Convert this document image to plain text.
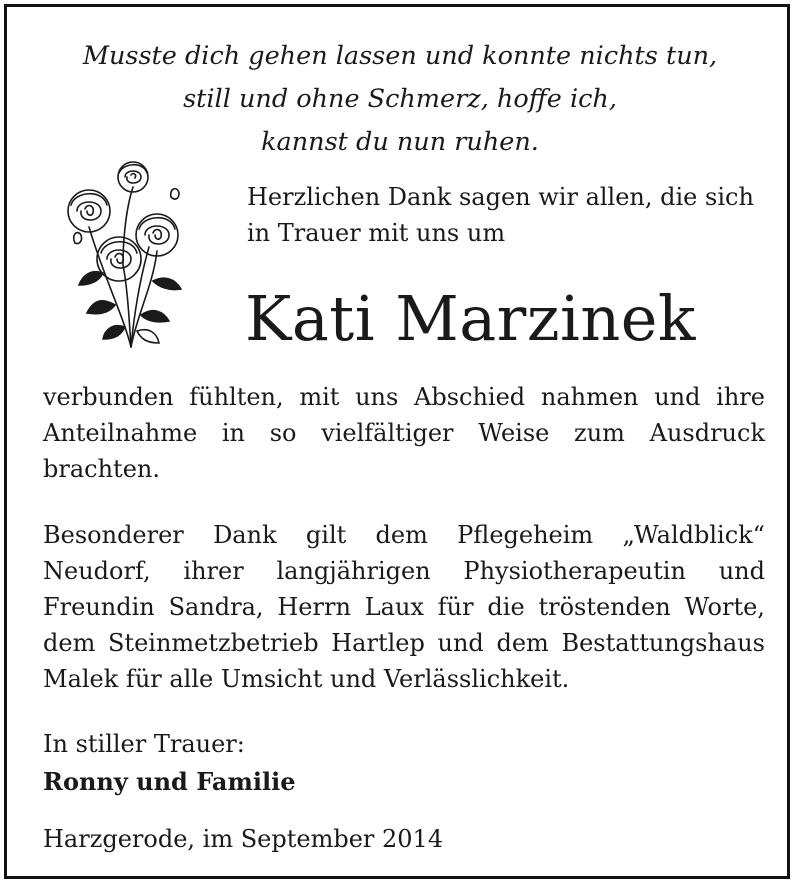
Musste dich gehen lassen und konnte nichts tun,
still und ohne Schmerz, hoffe ich,
kannst du nun ruhen.
Herzlichen Dank sagen wir allen, die sich
in Trauer mit uns um
Kati Marzinek
verbunden fühlten, mit uns Abschied nahmen und ihre
Anteilnahme in so vielfältiger Weise zum Ausdruck
brachten.
Besonderer Dank gilt dem Pflegeheim „Waldblick“
Neudorf, ihrer langjährigen Physiotherapeutin und
Freundin Sandra, Herrn Laux für die tröstenden Worte,
dem Steinmetzbetrieb Hartlep und dem Bestattungshaus
Malek für alle Umsicht und Verlässlichkeit.
In stiller Trauer:
Ronny und Familie
Harzgerode, im September 2014
